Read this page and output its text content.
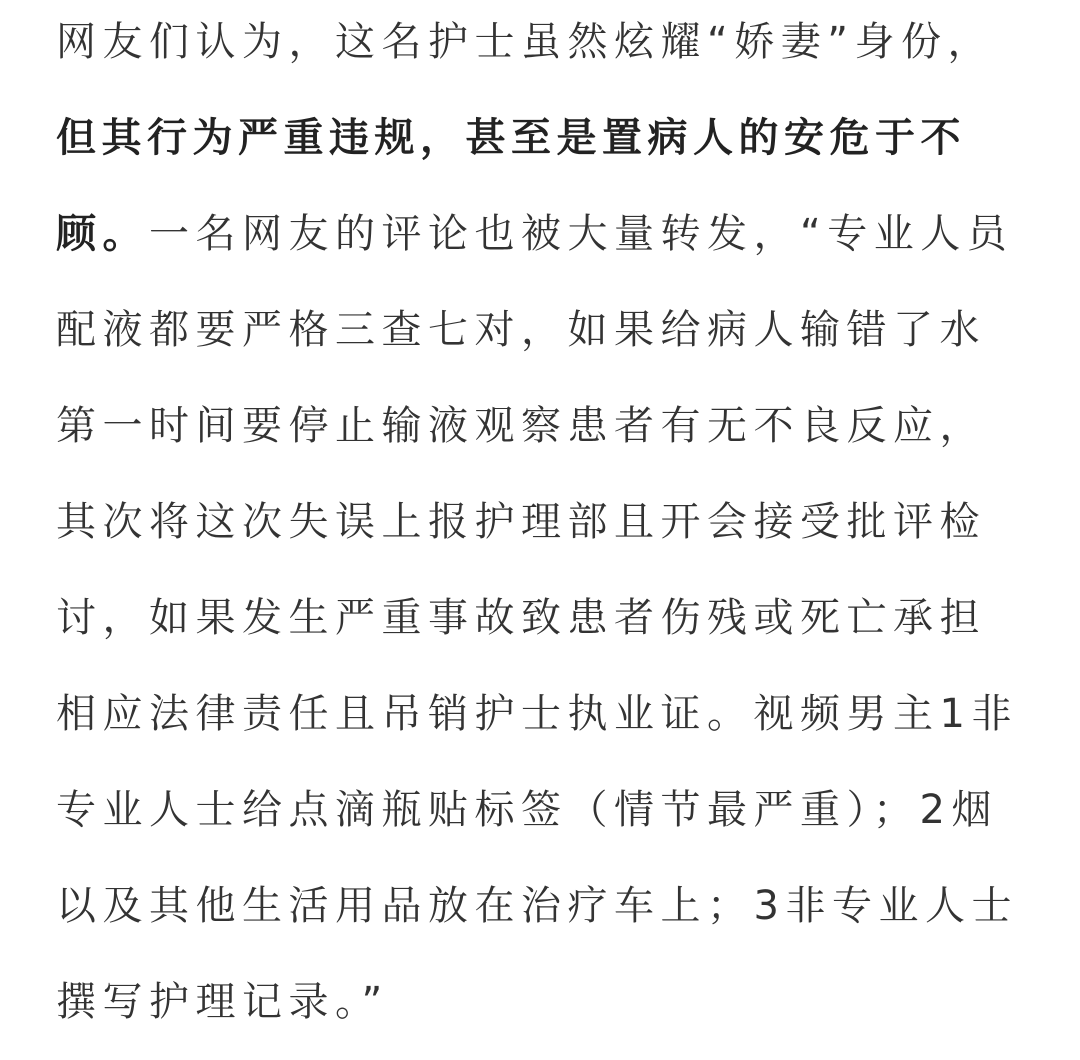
网友们认为，这名护士虽然炫耀“娇妻”身份，
但其行为严重违规，甚至是置病人的安危于不
顾。一名网友的评论也被大量转发，“专业人员
配液都要严格三查七对，如果给病人输错了水
第一时间要停止输液观察患者有无不良反应，
其次将这次失误上报护理部且开会接受批评检
讨，如果发生严重事故致患者伤残或死亡承担
相应法律责任且吊销护士执业证。视频男主1非
专业人士给点滴瓶贴标签（情节最严重）；2烟
以及其他生活用品放在治疗车上；3非专业人士
撰写护理记录。”
